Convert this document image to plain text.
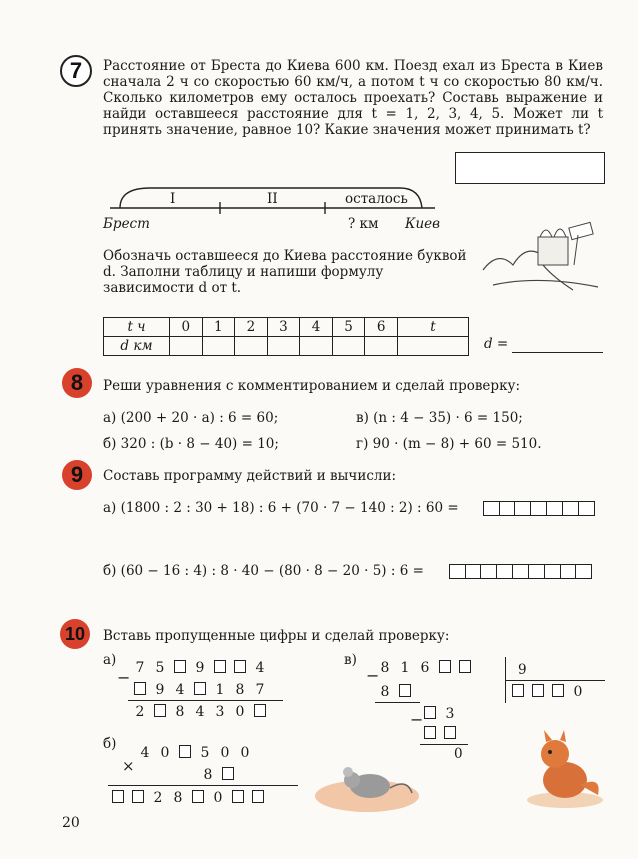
7	Расстояние от Бреста до Киева 600 км. Поезд ехал из Бреста в Киев сначала 2 ч со скоростью 60 км/ч, а потом t ч со скоростью 80 км/ч. Сколько километров ему осталось проехать? Составь выражение и найди оставшееся расстояние для t = 1, 2, 3, 4, 5. Может ли t принять значение, равное 10? Какие значения может принимать t?
I	II	осталось
Брест	? км Киев
Обозначь оставшееся до Киева расстояние буквой d. Заполни таблицу и напиши формулу зависимости d от t.
t ч	0	1	2	3	4	5	6	t
d км									d =
8	Реши уравнения с комментированием и сделай проверку:
а) (200 + 20 · a) : 6 = 60;	в) (n : 4 − 35) · 6 = 150;
б) 320 : (b · 8 − 40) = 10;	г) 90 · (m − 8) + 60 = 510.
9	Составь программу действий и вычисли:
а) (1800 : 2 : 30 + 18) : 6 + (70 · 7 − 140 : 2) : 60 =
б) (60 − 16 : 4) : 8 · 40 − (80 · 8 − 20 · 5) : 6 =
10	Вставь пропущенные цифры и сделай проверку:
а)
− 7 5 9	4
9 4 1 8 7
2 8 4 3 0
б)
4 0 5 0 0
×	8
2 8 0
в)
− 8 1 6	9
0
8
−	3
0
20
